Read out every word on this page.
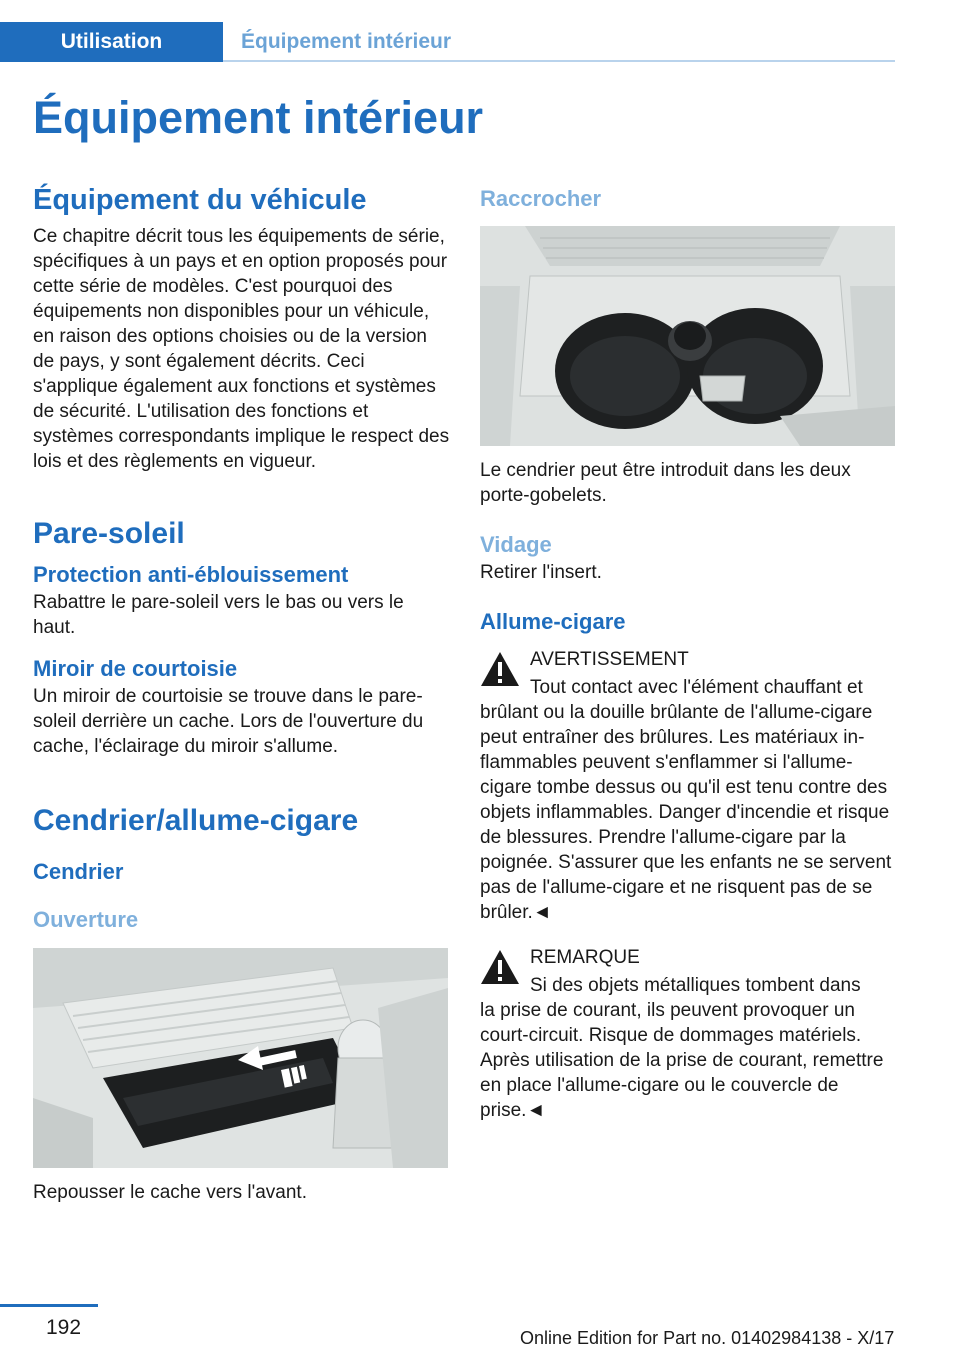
Utilisation	Équipement intérieur
Équipement intérieur
Équipement du véhicule

Ce chapitre décrit tous les équipements de série, spécifiques à un pays et en option proposés pour cette série de modèles. C'est pourquoi des équipements non disponibles pour un véhicule, en raison des options choisies ou de la version de pays, y sont également décrits. Ceci s'applique également aux fonctions et systèmes de sécurité. L'utilisation des fonctions et systèmes correspondants implique le respect des lois et des règlements en vigueur.

Pare-soleil
Protection anti-éblouissement

Rabattre le pare-soleil vers le bas ou vers le haut.

Miroir de courtoisie

Un miroir de courtoisie se trouve dans le pare-soleil derrière un cache. Lors de l'ouverture du cache, l'éclairage du miroir s'allume.

Cendrier/allume-cigare
Cendrier
Ouverture

Repousser le cache vers l'avant.

Raccrocher

Le cendrier peut être introduit dans les deux porte-gobelets.

Vidage

Retirer l'insert.

Allume-cigare

AVERTISSEMENT

Tout contact avec l'élément chauffant et
brûlant ou la douille brûlante de l'allume-cigare peut entraîner des brûlures. Les matériaux inflammables peuvent s'enflammer si l'allume-cigare tombe dessus ou qu'il est tenu contre des objets inflammables. Danger d'incendie et risque de blessures. Prendre l'allume-cigare par la poignée. S'assurer que les enfants ne se servent pas de l'allume-cigare et ne risquent pas de se brûler.◄

REMARQUE

Si des objets métalliques tombent dans
la prise de courant, ils peuvent provoquer un court-circuit. Risque de dommages matériels. Après utilisation de la prise de courant, remettre en place l'allume-cigare ou le couvercle de prise.◄

192	Online Edition for Part no. 01402984138 - X/17
